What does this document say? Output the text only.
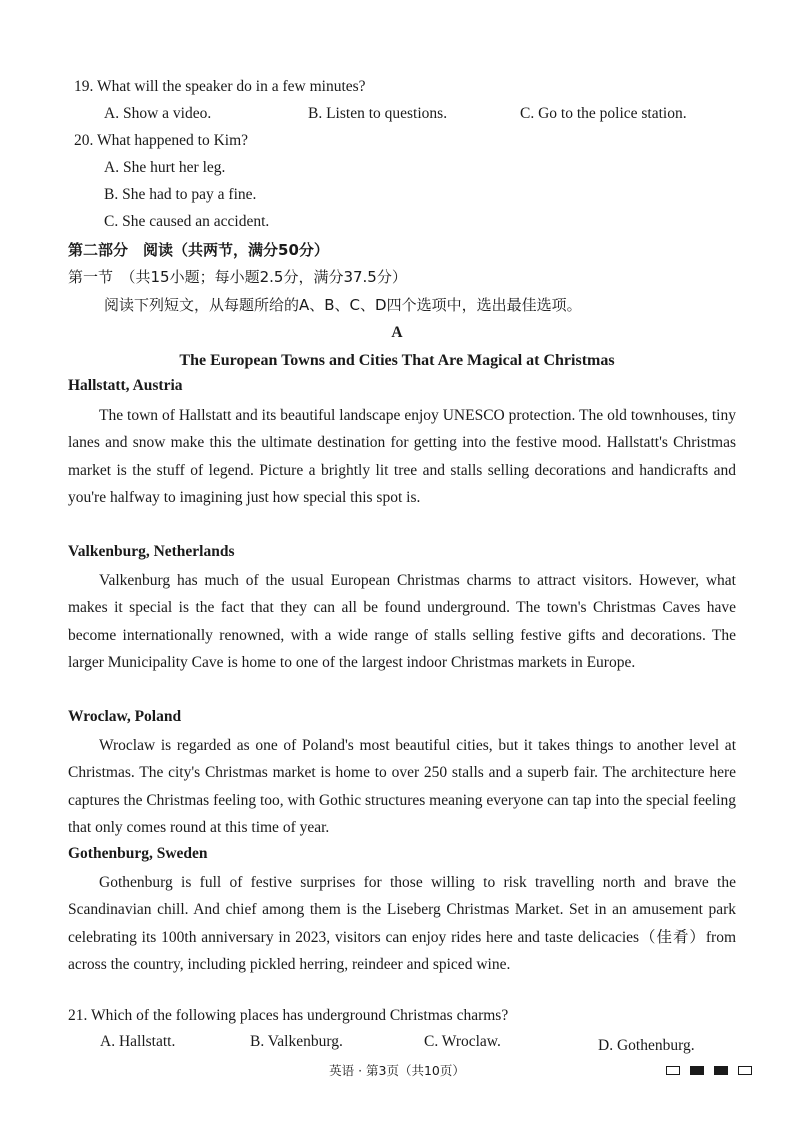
19. What will the speaker do in a few minutes?
A. Show a video.	B. Listen to questions.	C. Go to the police station.
20. What happened to Kim?
A. She hurt her leg.
B. She had to pay a fine.
C. She caused an accident.
第二部分　阅读（共两节，满分50分）
第一节　（共15小题；每小题2.5分，满分37.5分）
阅读下列短文，从每题所给的A、B、C、D四个选项中，选出最佳选项。
A
The European Towns and Cities That Are Magical at Christmas
Hallstatt, Austria

The town of Hallstatt and its beautiful landscape enjoy UNESCO protection. The old townhouses, tiny lanes and snow make this the ultimate destination for getting into the festive mood. Hallstatt's Christmas market is the stuff of legend. Picture a brightly lit tree and stalls selling decorations and handicrafts and you're halfway to imagining just how special this spot is.

Valkenburg, Netherlands

Valkenburg has much of the usual European Christmas charms to attract visitors. However, what makes it special is the fact that they can all be found underground. The town's Christmas Caves have become internationally renowned, with a wide range of stalls selling festive gifts and decorations. The larger Municipality Cave is home to one of the largest indoor Christmas markets in Europe.

Wroclaw, Poland

Wroclaw is regarded as one of Poland's most beautiful cities, but it takes things to another level at Christmas. The city's Christmas market is home to over 250 stalls and a superb fair. The architecture here captures the Christmas feeling too, with Gothic structures meaning everyone can tap into the special feeling that only comes round at this time of year.

Gothenburg, Sweden

Gothenburg is full of festive surprises for those willing to risk travelling north and brave the Scandinavian chill. And chief among them is the Liseberg Christmas Market. Set in an amusement park celebrating its 100th anniversary in 2023, visitors can enjoy rides here and taste delicacies（佳肴）from across the country, including pickled herring, reindeer and spiced wine.

21. Which of the following places has underground Christmas charms?
A. Hallstatt.	B. Valkenburg.	C. Wroclaw.	D. Gothenburg.
英语 · 第3页（共10页）
